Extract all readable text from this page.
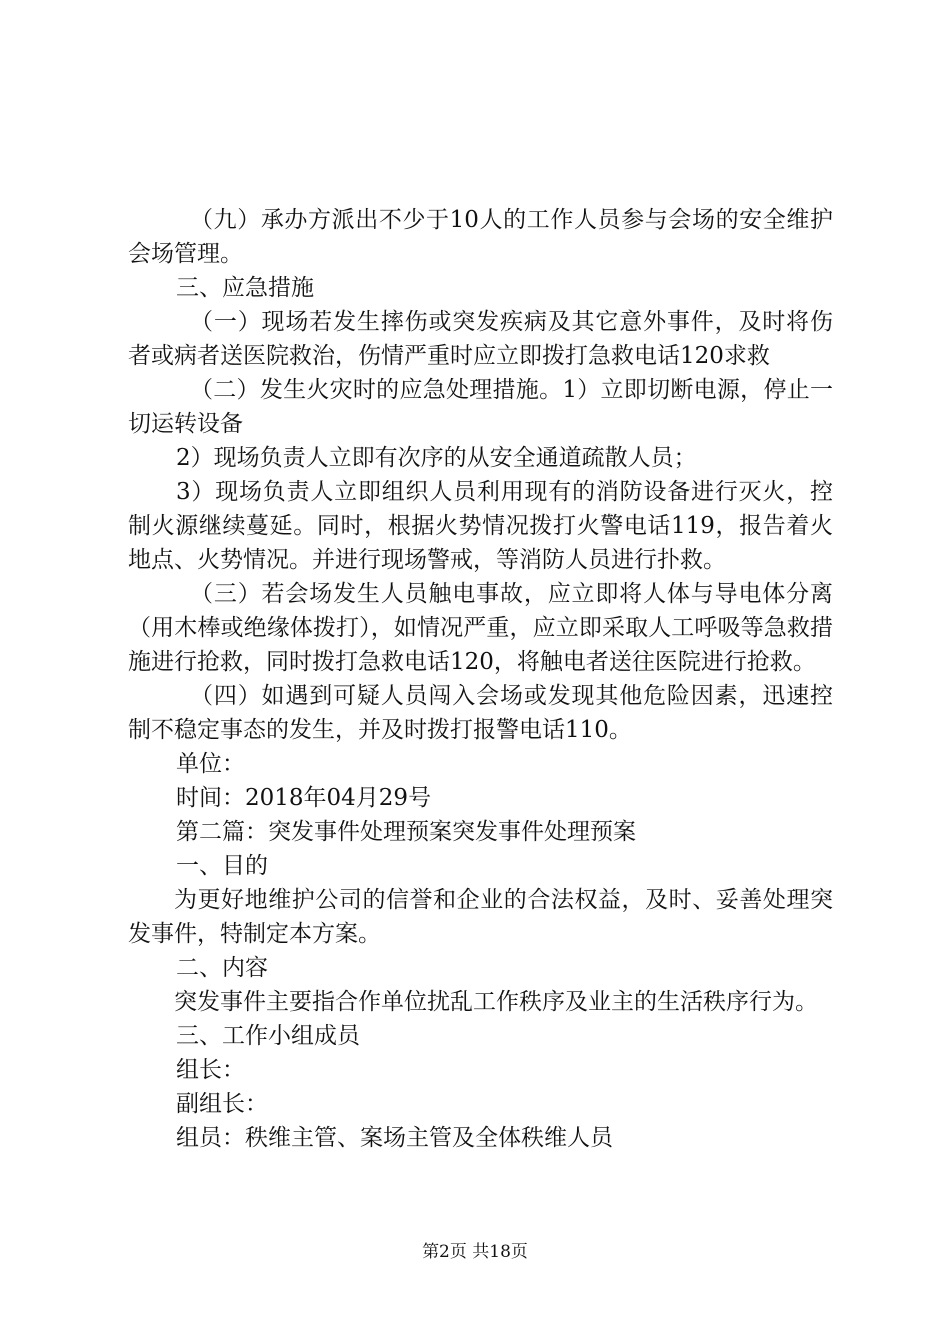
（九）承办方派出不少于10人的工作人员参与会场的安全维护会场管理。

三、应急措施

（一）现场若发生摔伤或突发疾病及其它意外事件，及时将伤者或病者送医院救治，伤情严重时应立即拨打急救电话120求救

（二）发生火灾时的应急处理措施。1）立即切断电源，停止一切运转设备

2）现场负责人立即有次序的从安全通道疏散人员；

3）现场负责人立即组织人员利用现有的消防设备进行灭火，控制火源继续蔓延。同时，根据火势情况拨打火警电话119，报告着火地点、火势情况。并进行现场警戒，等消防人员进行扑救。

（三）若会场发生人员触电事故，应立即将人体与导电体分离（用木棒或绝缘体拨打），如情况严重，应立即采取人工呼吸等急救措施进行抢救，同时拨打急救电话120，将触电者送往医院进行抢救。

（四）如遇到可疑人员闯入会场或发现其他危险因素，迅速控制不稳定事态的发生，并及时拨打报警电话110。

单位：

时间：2018年04月29号

第二篇：突发事件处理预案突发事件处理预案

一、目的

为更好地维护公司的信誉和企业的合法权益，及时、妥善处理突发事件，特制定本方案。

二、内容

突发事件主要指合作单位扰乱工作秩序及业主的生活秩序行为。

三、工作小组成员

组长：

副组长：

组员：秩维主管、案场主管及全体秩维人员

第2页 共18页
